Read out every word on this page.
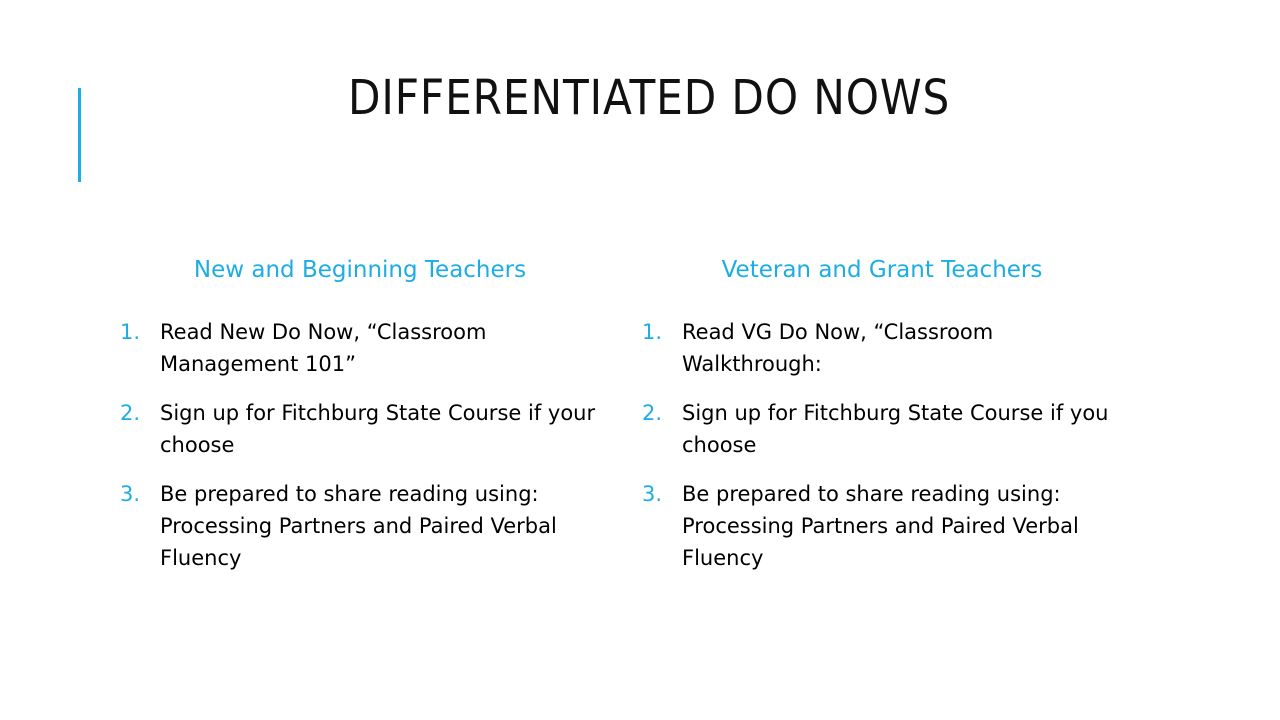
DIFFERENTIATED DO NOWS
New and Beginning Teachers
1. Read New Do Now, “Classroom Management 101”
2. Sign up for Fitchburg State Course if your choose
3. Be prepared to share reading using: Processing Partners and Paired Verbal Fluency
Veteran and Grant Teachers
1. Read VG Do Now, “Classroom Walkthrough:
2. Sign up for Fitchburg State Course if you choose
3. Be prepared to share reading using: Processing Partners and Paired Verbal Fluency
